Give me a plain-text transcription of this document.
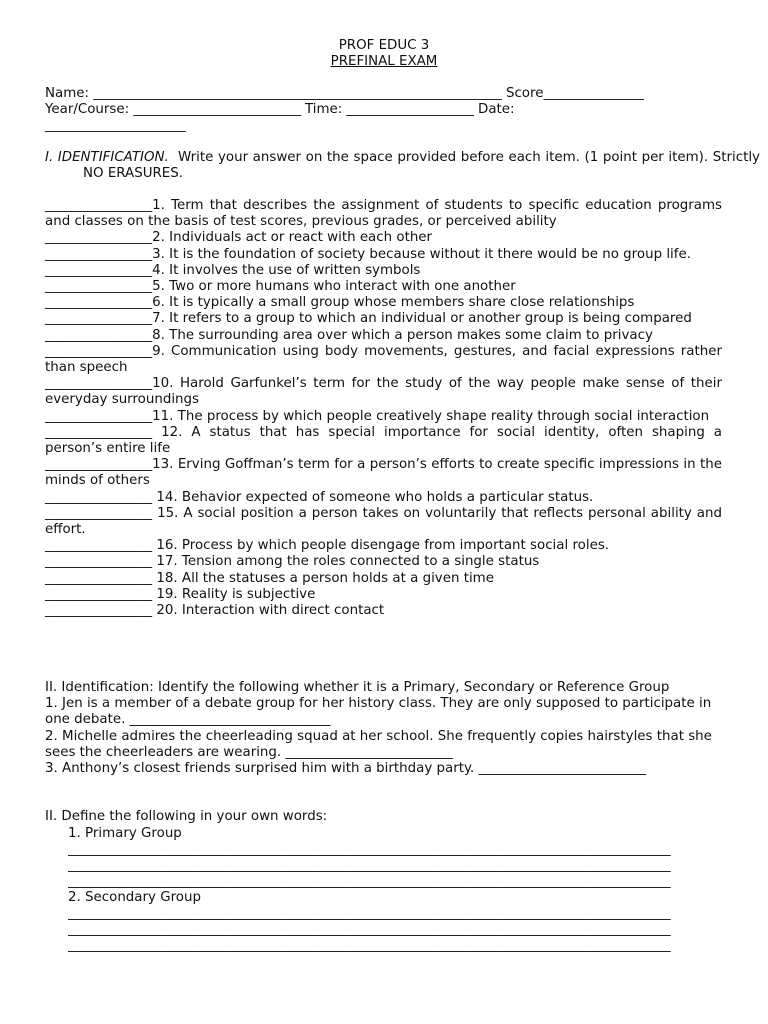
PROF EDUC 3
PREFINAL EXAM
Name: _____________________________________________________________ Score_______________
Year/Course: _________________________ Time: ___________________ Date:
_____________________
I. IDENTIFICATION. Write your answer on the space provided before each item. (1 point per item). Strictly NO ERASURES.
________________1. Term that describes the assignment of students to specific education programs and classes on the basis of test scores, previous grades, or perceived ability
________________2. Individuals act or react with each other
________________3. It is the foundation of society because without it there would be no group life.
________________4. It involves the use of written symbols
________________5. Two or more humans who interact with one another
________________6. It is typically a small group whose members share close relationships
________________7. It refers to a group to which an individual or another group is being compared
________________8. The surrounding area over which a person makes some claim to privacy
________________9. Communication using body movements, gestures, and facial expressions rather than speech
________________10. Harold Garfunkel’s term for the study of the way people make sense of their everyday surroundings
________________11. The process by which people creatively shape reality through social interaction
________________ 12. A status that has special importance for social identity, often shaping a person’s entire life
________________13. Erving Goffman’s term for a person’s efforts to create specific impressions in the minds of others
________________ 14. Behavior expected of someone who holds a particular status.
________________ 15. A social position a person takes on voluntarily that reflects personal ability and effort.
________________ 16. Process by which people disengage from important social roles.
________________ 17. Tension among the roles connected to a single status
________________ 18. All the statuses a person holds at a given time
________________ 19. Reality is subjective
________________ 20. Interaction with direct contact
II. Identification: Identify the following whether it is a Primary, Secondary or Reference Group
1. Jen is a member of a debate group for her history class. They are only supposed to participate in one debate. ______________________________
2. Michelle admires the cheerleading squad at her school. She frequently copies hairstyles that she sees the cheerleaders are wearing. _________________________
3. Anthony’s closest friends surprised him with a birthday party. _________________________
II. Define the following in your own words:
1. Primary Group
__________________________________________________________________________________________
__________________________________________________________________________________________
__________________________________________________________________________________________
2. Secondary Group
__________________________________________________________________________________________
__________________________________________________________________________________________
__________________________________________________________________________________________
